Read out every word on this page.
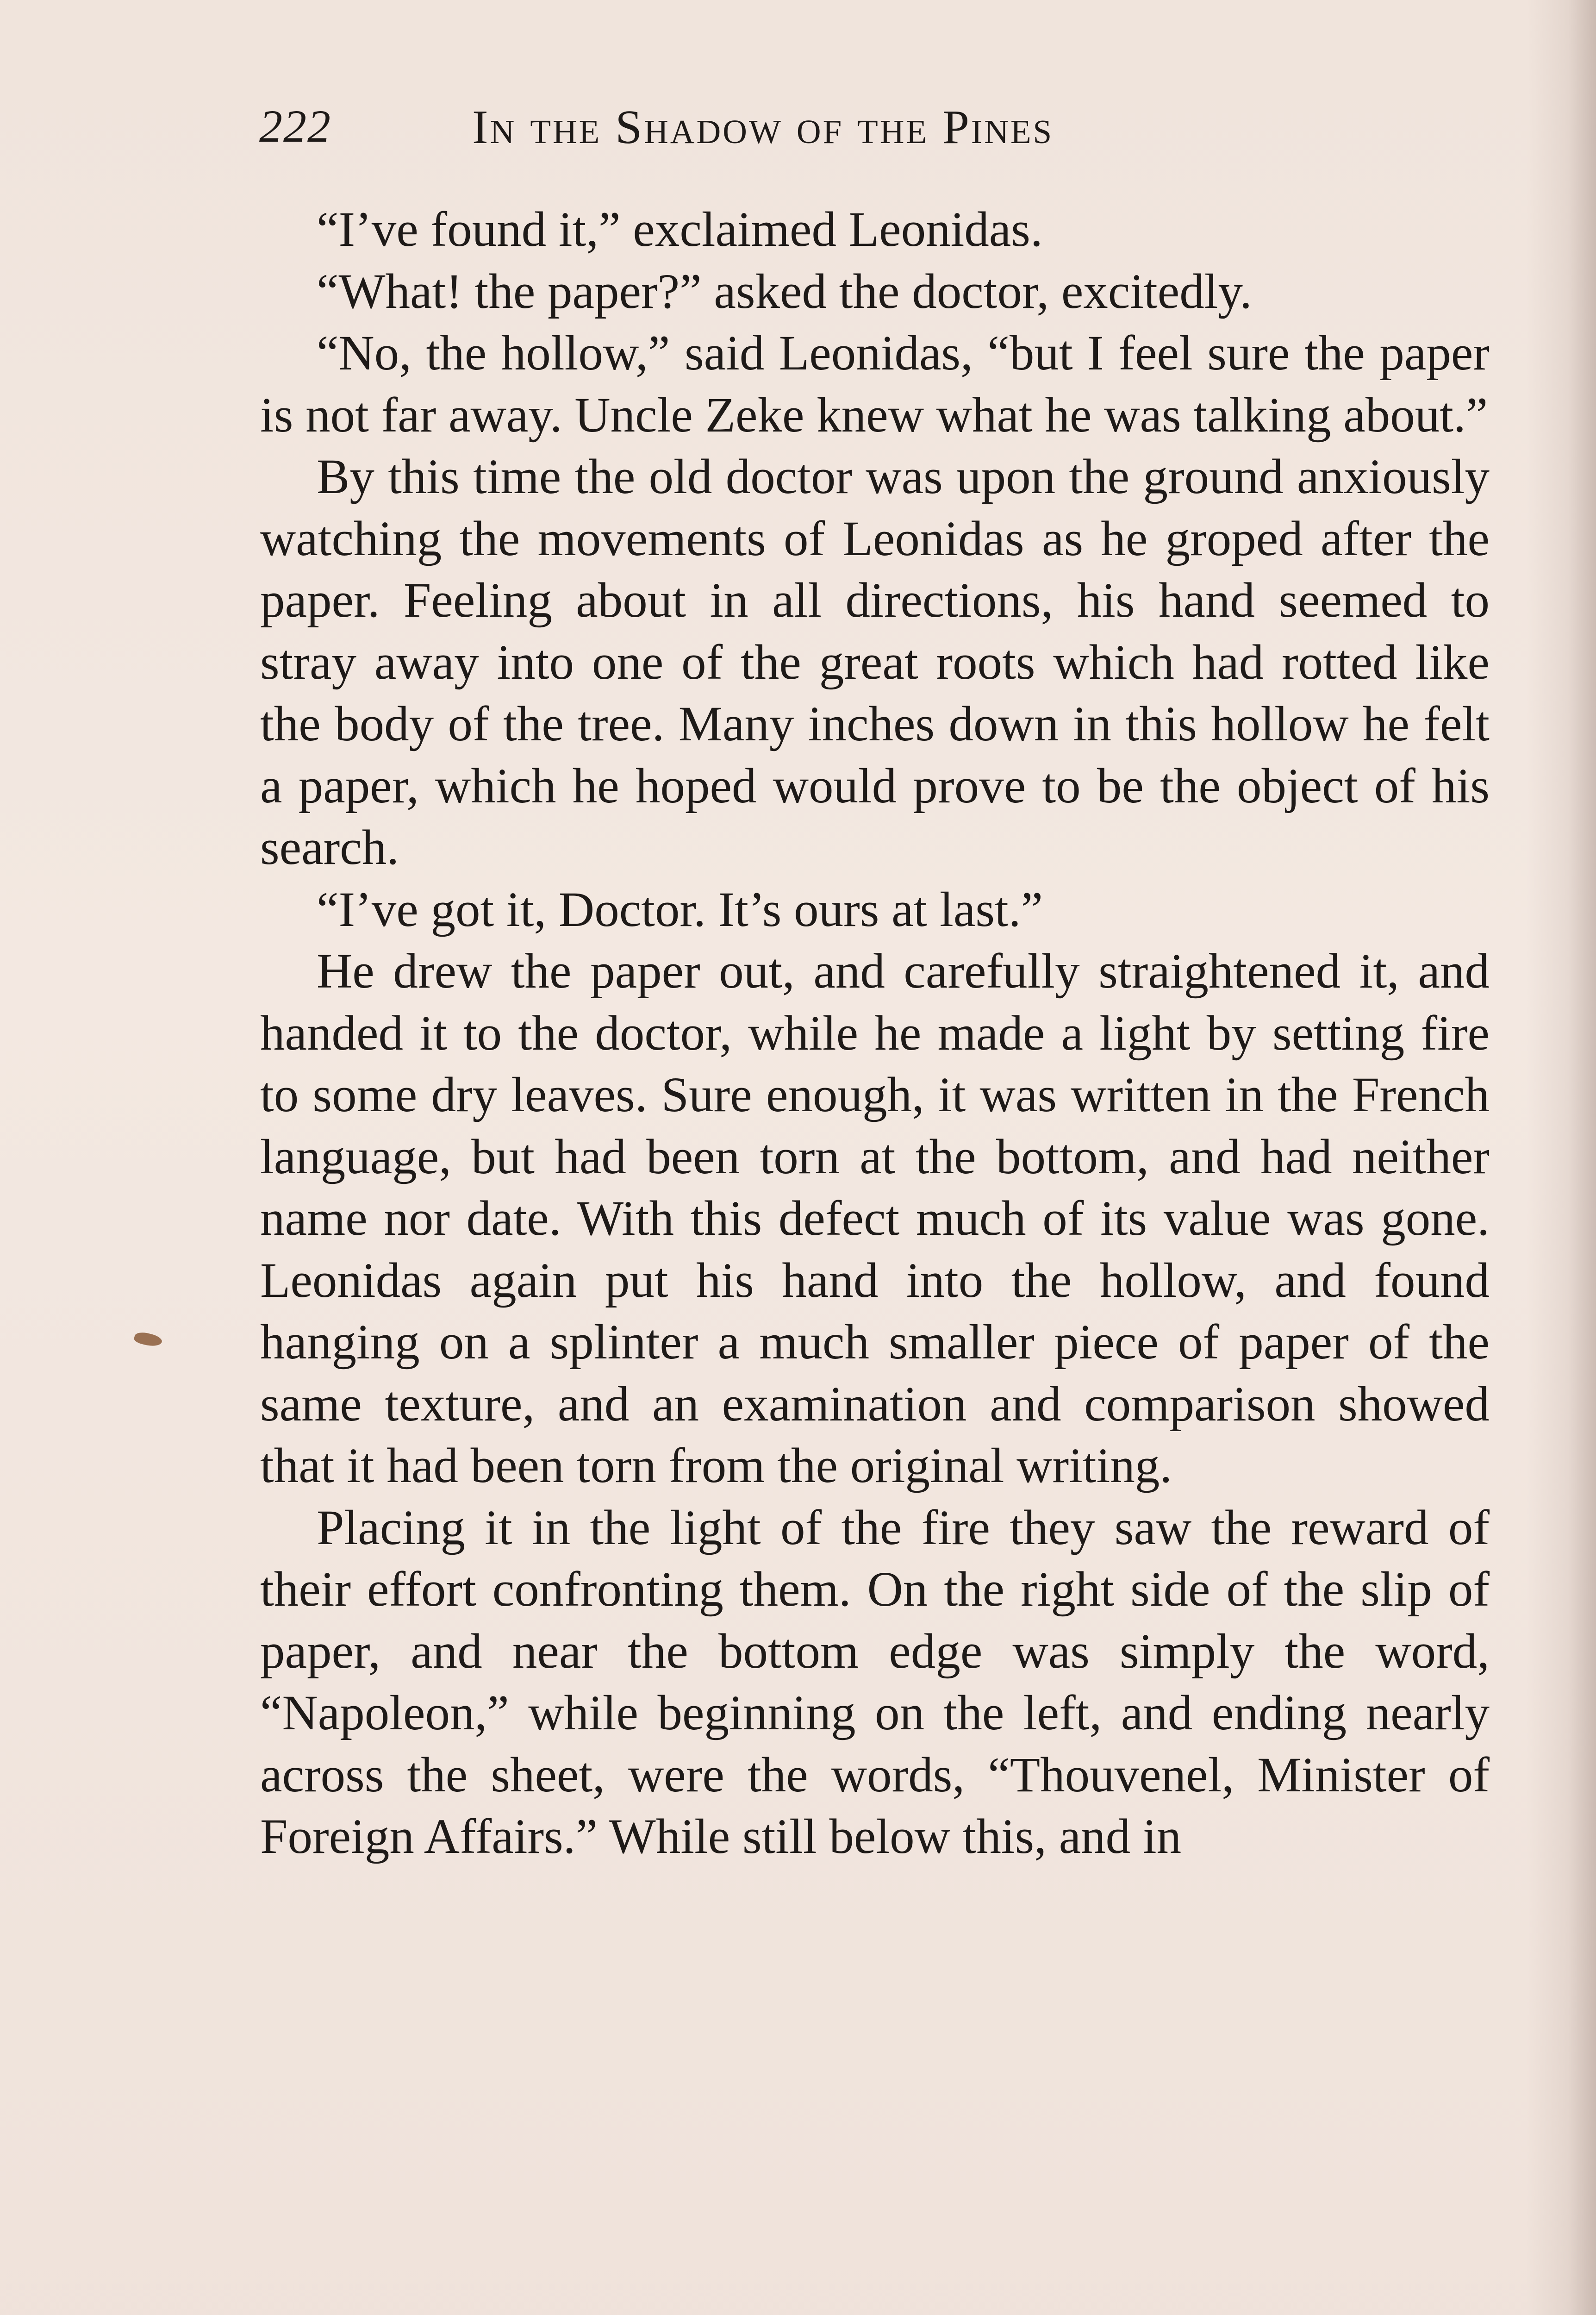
222	In the Shadow of the Pines

“I’ve found it,” exclaimed Leonidas.

“What! the paper?” asked the doctor, excitedly.

“No, the hollow,” said Leonidas, “but I feel sure the paper is not far away. Uncle Zeke knew what he was talking about.”

By this time the old doctor was upon the ground anxiously watching the movements of Leonidas as he groped after the paper. Feeling about in all directions, his hand seemed to stray away into one of the great roots which had rotted like the body of the tree. Many inches down in this hollow he felt a paper, which he hoped would prove to be the object of his search.

“I’ve got it, Doctor. It’s ours at last.”

He drew the paper out, and carefully straightened it, and handed it to the doctor, while he made a light by setting fire to some dry leaves. Sure enough, it was written in the French language, but had been torn at the bottom, and had neither name nor date. With this defect much of its value was gone. Leonidas again put his hand into the hollow, and found hanging on a splinter a much smaller piece of paper of the same texture, and an examination and comparison showed that it had been torn from the original writing.

Placing it in the light of the fire they saw the reward of their effort confronting them. On the right side of the slip of paper, and near the bottom edge was simply the word, “Napoleon,” while beginning on the left, and ending nearly across the sheet, were the words, “Thouvenel, Minister of Foreign Affairs.” While still below this, and in
